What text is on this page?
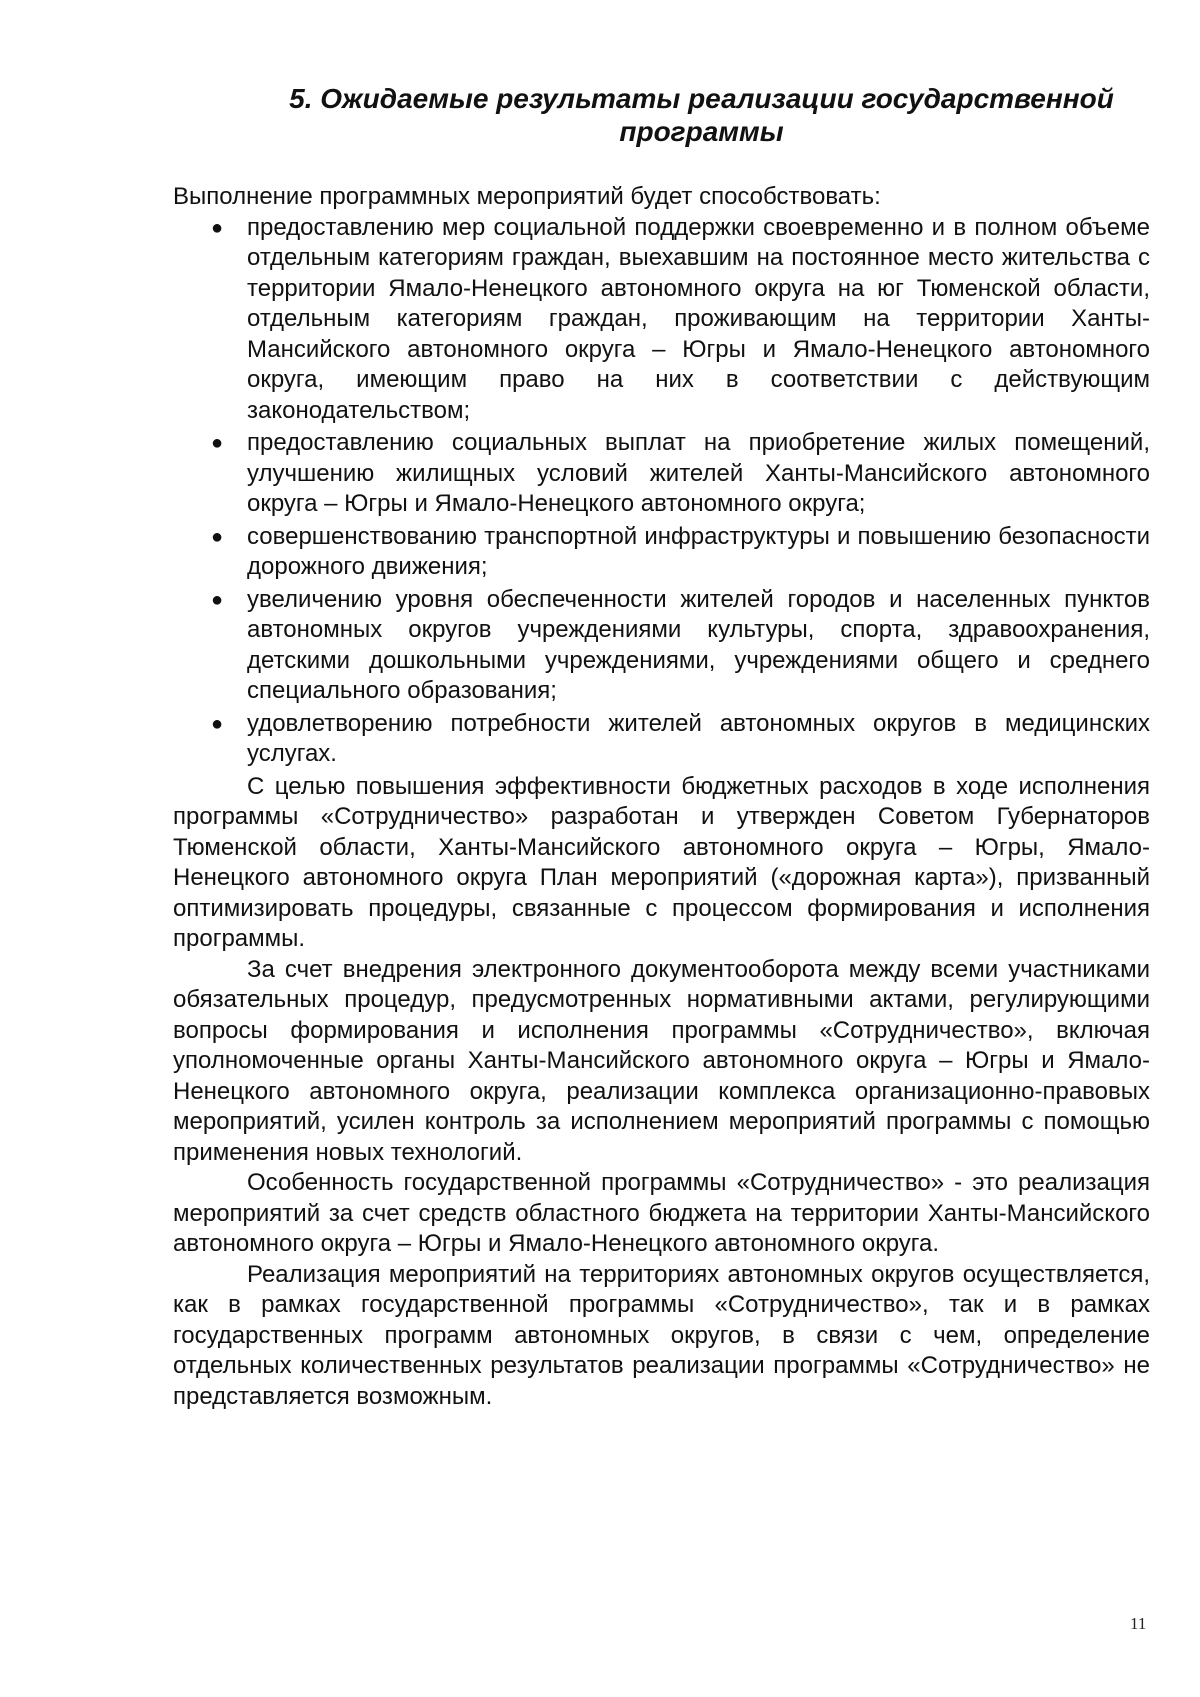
5. Ожидаемые результаты реализации государственной
программы

Выполнение программных мероприятий будет способствовать:

● предоставлению мер социальной поддержки своевременно и в полном объеме отдельным категориям граждан, выехавшим на постоянное место жительства с территории Ямало-Ненецкого автономного округа на юг Тюменской области, отдельным категориям граждан, проживающим на территории Ханты-Мансийского автономного округа – Югры и Ямало-Ненецкого автономного округа, имеющим право на них в соответствии с действующим законодательством;
● предоставлению социальных выплат на приобретение жилых помещений, улучшению жилищных условий жителей Ханты-Мансийского автономного округа – Югры и Ямало-Ненецкого автономного округа;
● совершенствованию транспортной инфраструктуры и повышению безопасности дорожного движения;
● увеличению уровня обеспеченности жителей городов и населенных пунктов автономных округов учреждениями культуры, спорта, здравоохранения, детскими дошкольными учреждениями, учреждениями общего и среднего специального образования;
● удовлетворению потребности жителей автономных округов в медицинских услугах.

С целью повышения эффективности бюджетных расходов в ходе исполнения программы «Сотрудничество» разработан и утвержден Советом Губернаторов Тюменской области, Ханты-Мансийского автономного округа – Югры, Ямало-Ненецкого автономного округа План мероприятий («дорожная карта»), призванный оптимизировать процедуры, связанные с процессом формирования и исполнения программы.

За счет внедрения электронного документооборота между всеми участниками обязательных процедур, предусмотренных нормативными актами, регулирующими вопросы формирования и исполнения программы «Сотрудничество», включая уполномоченные органы Ханты-Мансийского автономного округа – Югры и Ямало-Ненецкого автономного округа, реализации комплекса организационно-правовых мероприятий, усилен контроль за исполнением мероприятий программы с помощью применения новых технологий.

Особенность государственной программы «Сотрудничество» - это реализация мероприятий за счет средств областного бюджета на территории Ханты-Мансийского автономного округа – Югры и Ямало-Ненецкого автономного округа.

Реализация мероприятий на территориях автономных округов осуществляется, как в рамках государственной программы «Сотрудничество», так и в рамках государственных программ автономных округов, в связи с чем, определение отдельных количественных результатов реализации программы «Сотрудничество» не представляется возможным.

11
